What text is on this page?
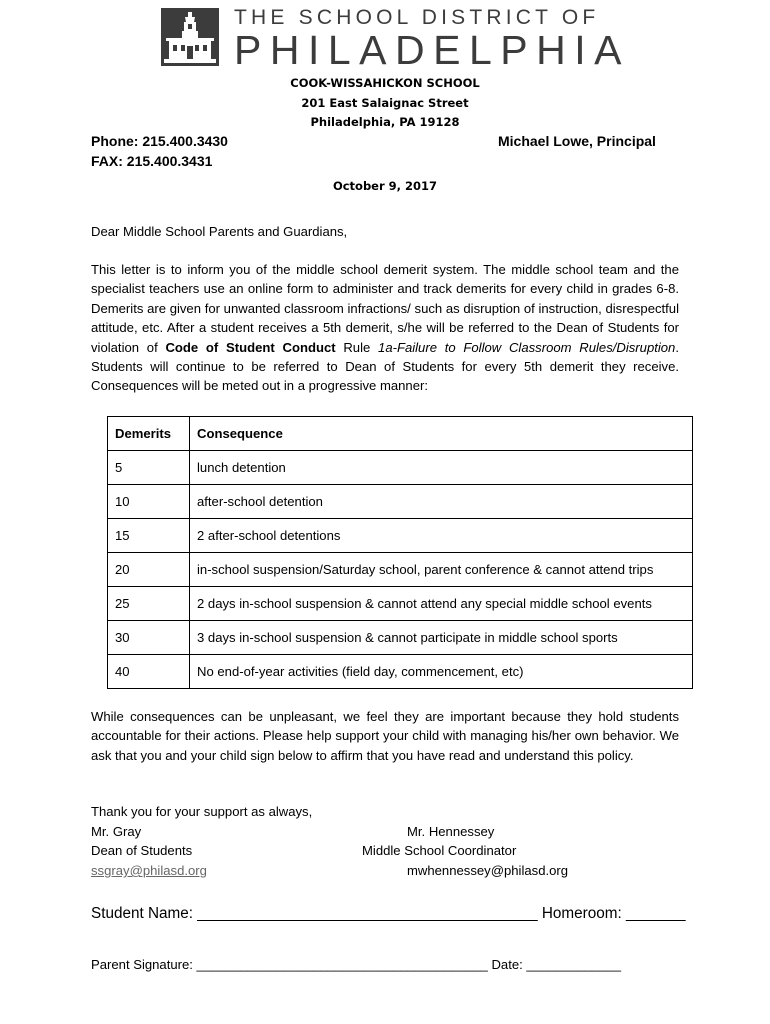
THE SCHOOL DISTRICT OF
PHILADELPHIA
COOK-WISSAHICKON SCHOOL
201 East Salaignac Street
Philadelphia, PA 19128
Phone: 215.400.3430
FAX: 215.400.3431
Michael Lowe, Principal
October 9, 2017
Dear Middle School Parents and Guardians,
This letter is to inform you of the middle school demerit system. The middle school team and the specialist teachers use an online form to administer and track demerits for every child in grades 6-8. Demerits are given for unwanted classroom infractions/ such as disruption of instruction, disrespectful attitude, etc. After a student receives a 5th demerit, s/he will be referred to the Dean of Students for violation of Code of Student Conduct Rule 1a-Failure to Follow Classroom Rules/Disruption. Students will continue to be referred to Dean of Students for every 5th demerit they receive. Consequences will be meted out in a progressive manner:
Demerits	Consequence
5	lunch detention
10	after-school detention
15	2 after-school detentions
20	in-school suspension/Saturday school, parent conference & cannot attend trips
25	2 days in-school suspension & cannot attend any special middle school events
30	3 days in-school suspension & cannot participate in middle school sports
40	No end-of-year activities (field day, commencement, etc)
While consequences can be unpleasant, we feel they are important because they hold students accountable for their actions. Please help support your child with managing his/her own behavior. We ask that you and your child sign below to affirm that you have read and understand this policy.
Thank you for your support as always,
Mr. Gray
Dean of Students
ssgray@philasd.org
Mr. Hennessey
Middle School Coordinator
mwhennessey@philasd.org
Student Name: ________________________________________ Homeroom: _______
Parent Signature: ________________________________________ Date: _____________
